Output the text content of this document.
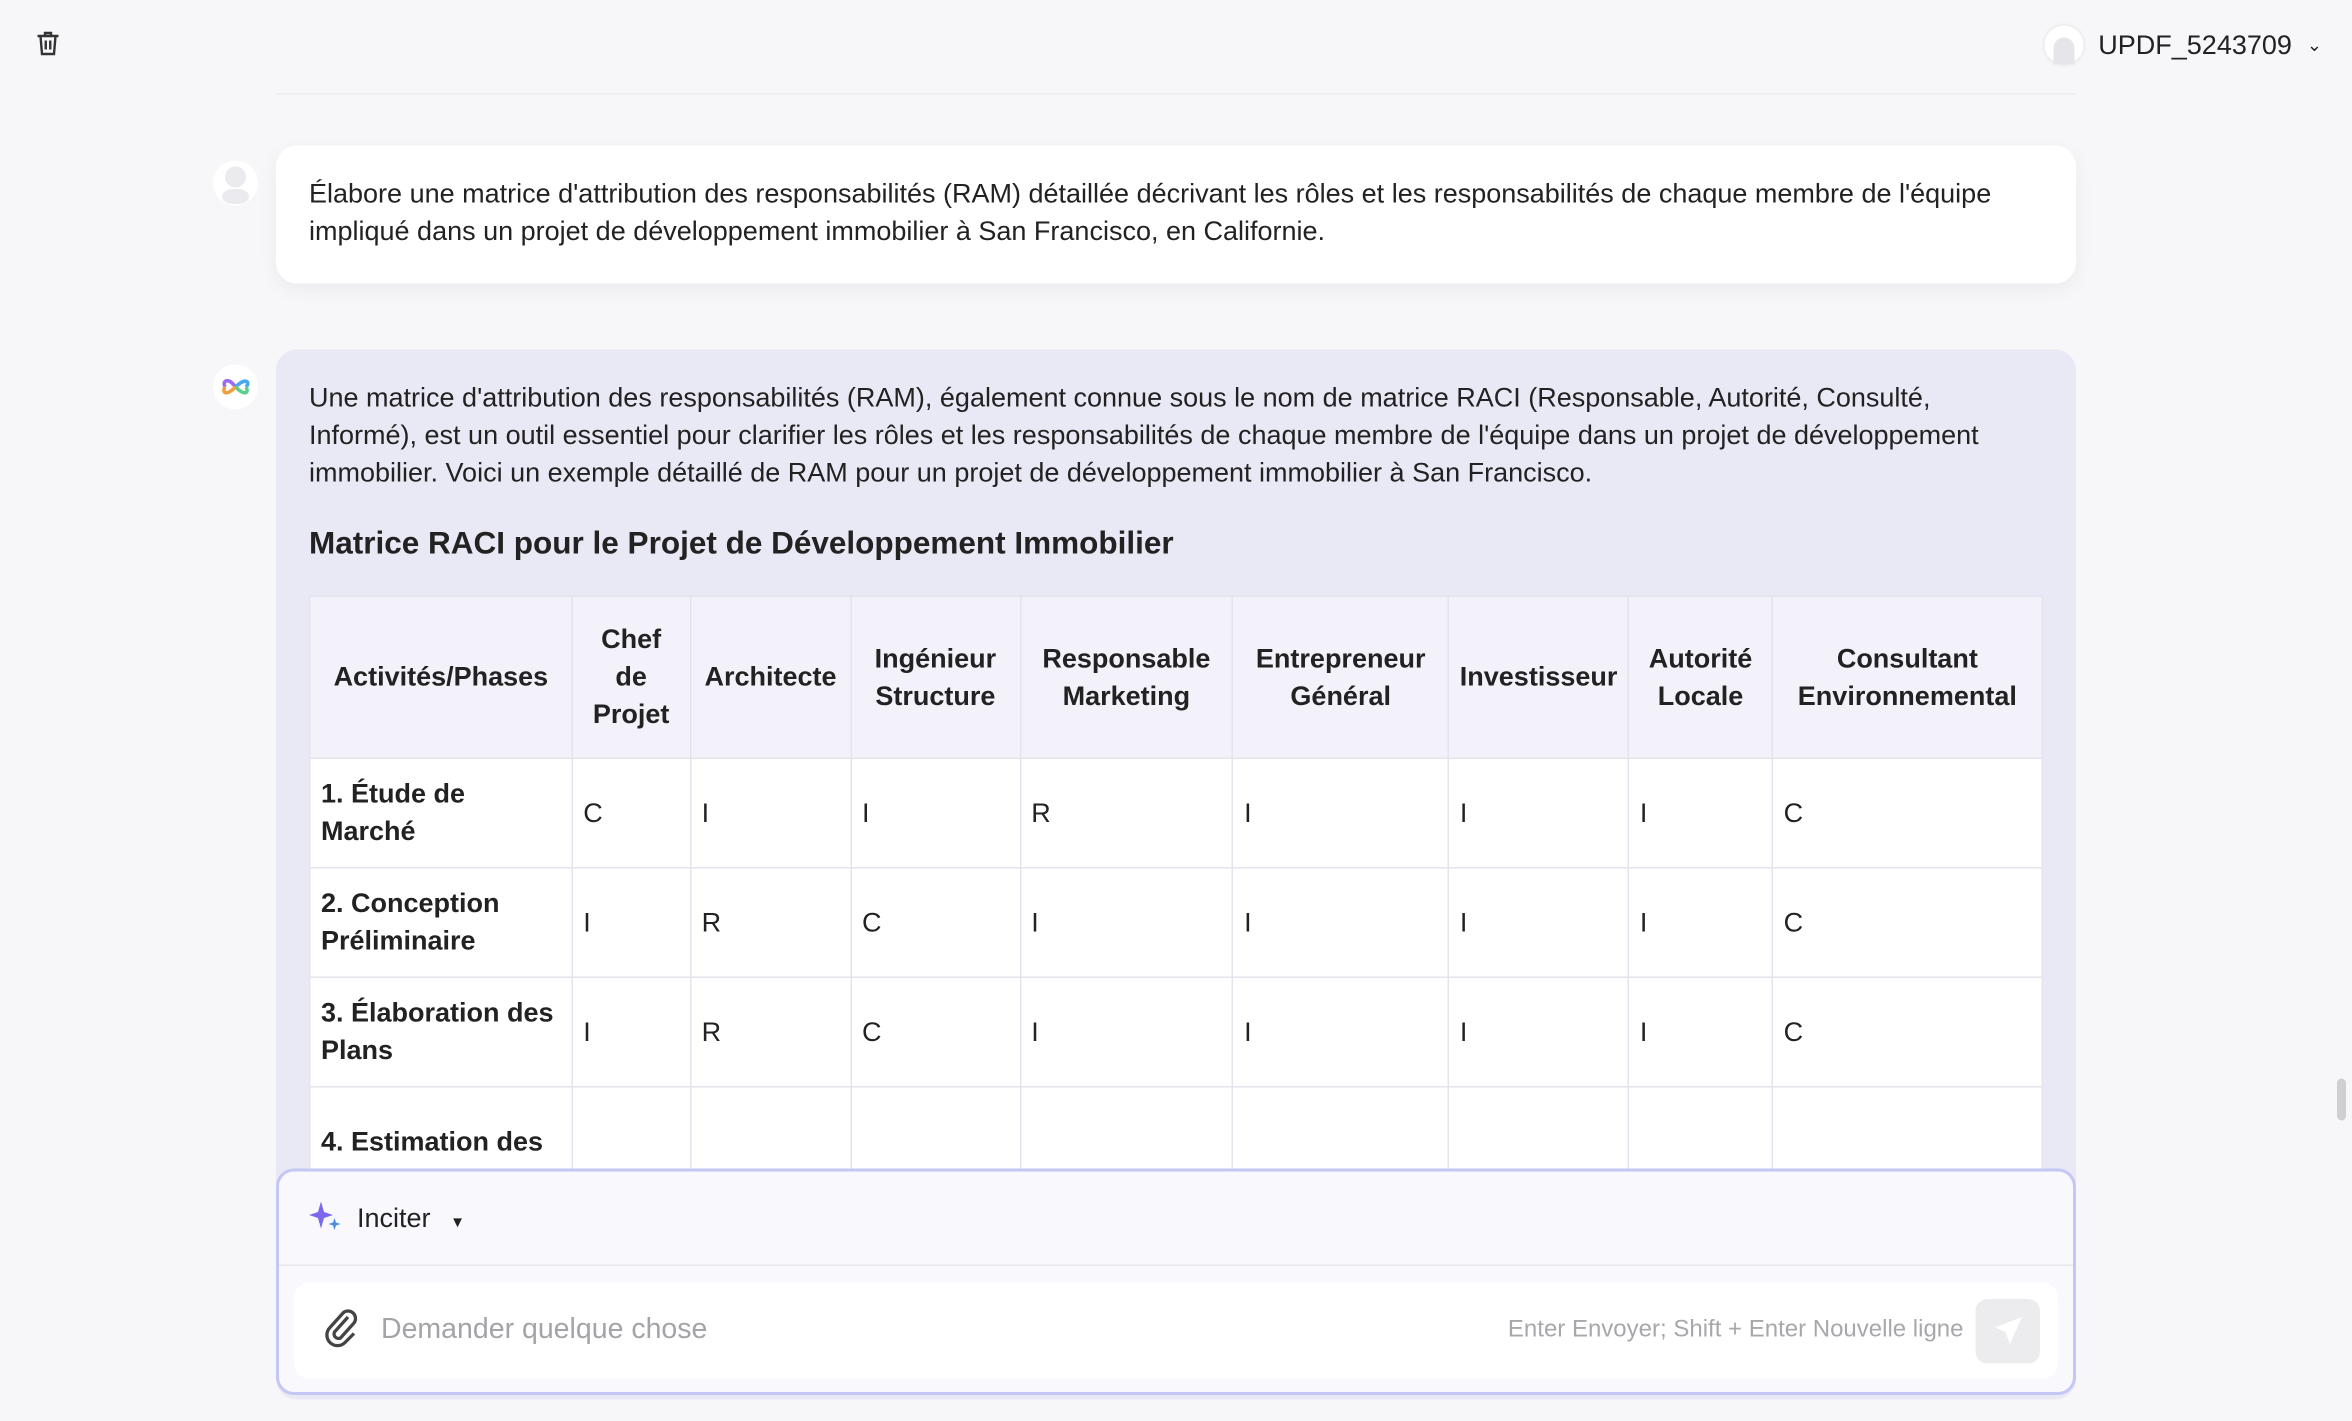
UPDF_5243709 ⌄
Élabore une matrice d'attribution des responsabilités (RAM) détaillée décrivant les rôles et les responsabilités de chaque membre de l'équipe impliqué dans un projet de développement immobilier à San Francisco, en Californie.

Une matrice d'attribution des responsabilités (RAM), également connue sous le nom de matrice RACI (Responsable, Autorité, Consulté, Informé), est un outil essentiel pour clarifier les rôles et les responsabilités de chaque membre de l'équipe dans un projet de développement immobilier. Voici un exemple détaillé de RAM pour un projet de développement immobilier à San Francisco.

Matrice RACI pour le Projet de Développement Immobilier
Activités/Phases	Chef de Projet	Architecte	Ingénieur Structure	Responsable Marketing	Entrepreneur Général	Investisseur	Autorité Locale	Consultant Environnemental
1. Étude de Marché	C	I	I	R	I	I	I	C
2. Conception Préliminaire	I	R	C	I	I	I	I	C
3. Élaboration des Plans	I	R	C	I	I	I	I	C
4. Estimation des								
Inciter ▼
Demander quelque chose	Enter Envoyer; Shift + Enter Nouvelle ligne
